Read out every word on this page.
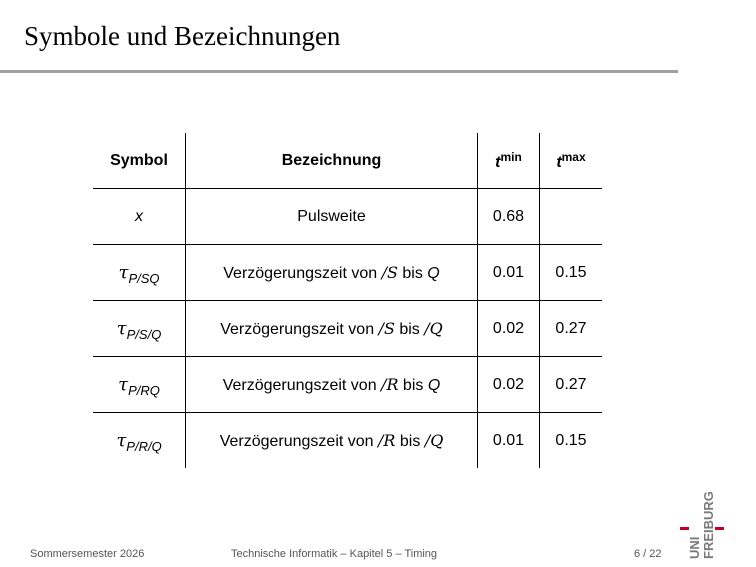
Symbole und Bezeichnungen
Symbol	Bezeichnung	$t^{min}$	$t^{max}$
x	Pulsweite	0.68	
$\tau_{P/SQ}$	Verzögerungszeit von /S bis Q	0.01	0.15
$\tau_{P/S/Q}$	Verzögerungszeit von /S bis /Q	0.02	0.27
$\tau_{P/RQ}$	Verzögerungszeit von /R bis Q	0.02	0.27
$\tau_{P/R/Q}$	Verzögerungszeit von /R bis /Q	0.01	0.15
Sommersemester 2026	Technische Informatik – Kapitel 5 – Timing	6 / 22 UNI FREIBURG
